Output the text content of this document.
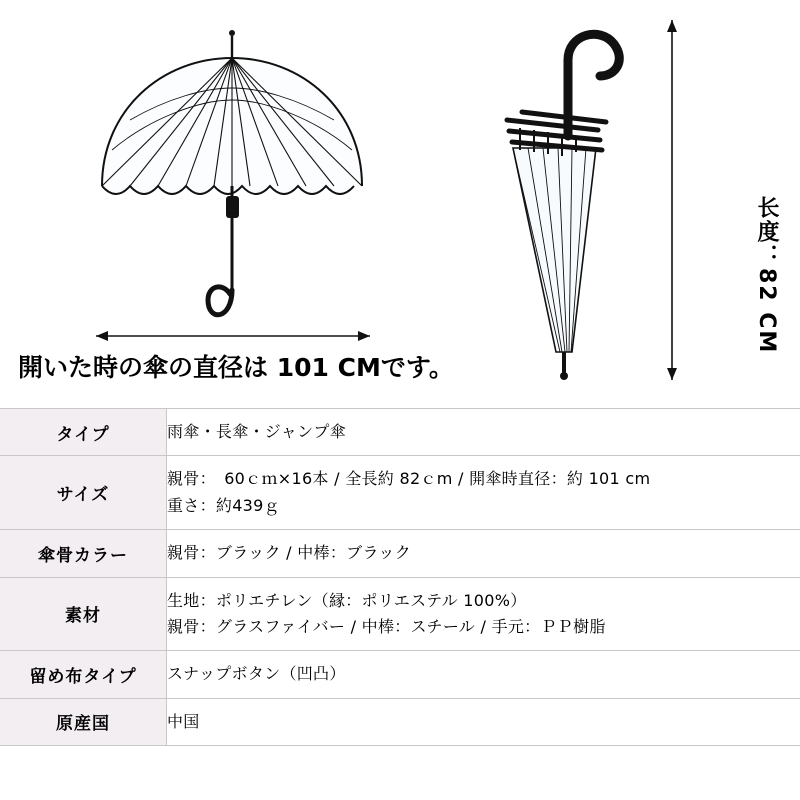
開いた時の傘の直径は 101 CMです。
长度：82 CM
タイプ	雨傘・長傘・ジャンプ傘

サイズ	親骨：　60ｃｍ×16本 / 全長約 82ｃm / 開傘時直径：約 101 cm
重さ：約439ｇ

傘骨カラー	親骨：ブラック / 中棒：ブラック

素材	生地：ポリエチレン（縁：ポリエステル 100%）
親骨：グラスファイバー / 中棒：スチール / 手元：ＰＰ樹脂

留め布タイプ	スナップボタン（凹凸）

原産国	中国
